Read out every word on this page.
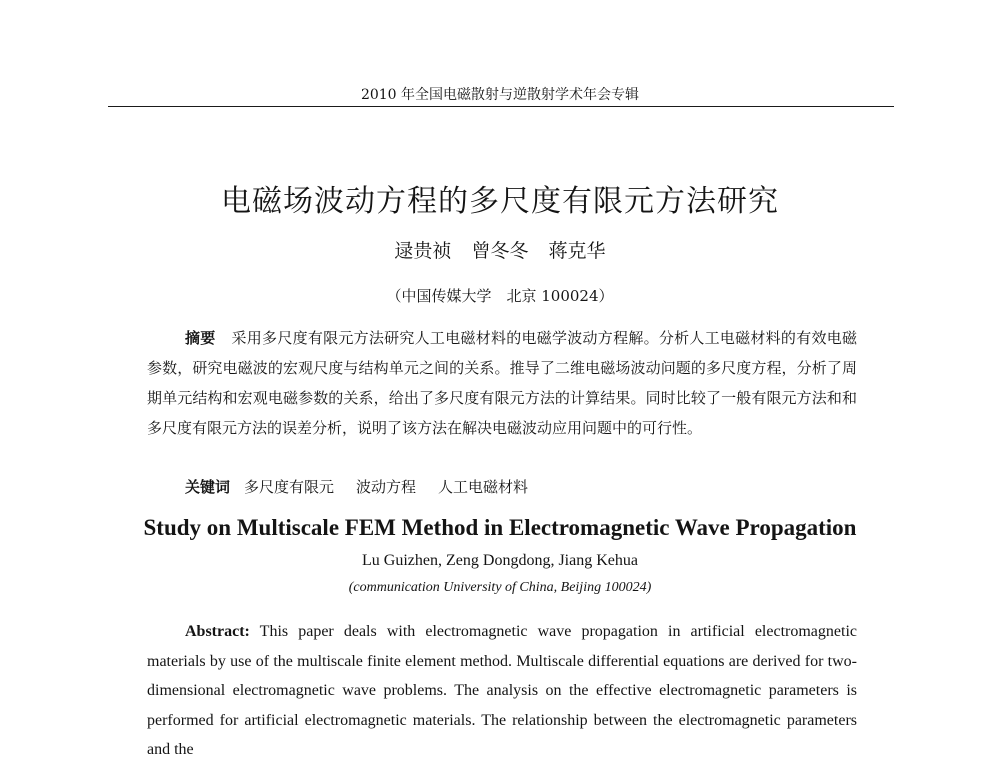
2010 年全国电磁散射与逆散射学术年会专辑
电磁场波动方程的多尺度有限元方法研究
逯贵祯 曾冬冬 蒋克华
（中国传媒大学　北京 100024）

摘要 采用多尺度有限元方法研究人工电磁材料的电磁学波动方程解。分析人工电磁材料的有效电磁参数，研究电磁波的宏观尺度与结构单元之间的关系。推导了二维电磁场波动问题的多尺度方程，分析了周期单元结构和宏观电磁参数的关系，给出了多尺度有限元方法的计算结果。同时比较了一般有限元方法和和多尺度有限元方法的误差分析，说明了该方法在解决电磁波动应用问题中的可行性。

关键词 多尺度有限元 波动方程 人工电磁材料

Study on Multiscale FEM Method in Electromagnetic Wave Propagation
Lu Guizhen, Zeng Dongdong, Jiang Kehua
(communication University of China, Beijing 100024)

Abstract: This paper deals with electromagnetic wave propagation in artificial electromagnetic materials by use of the multiscale finite element method. Multiscale differential equations are derived for two-dimensional electromagnetic wave problems. The analysis on the effective electromagnetic parameters is performed for artificial electromagnetic materials. The relationship between the electromagnetic parameters and the
